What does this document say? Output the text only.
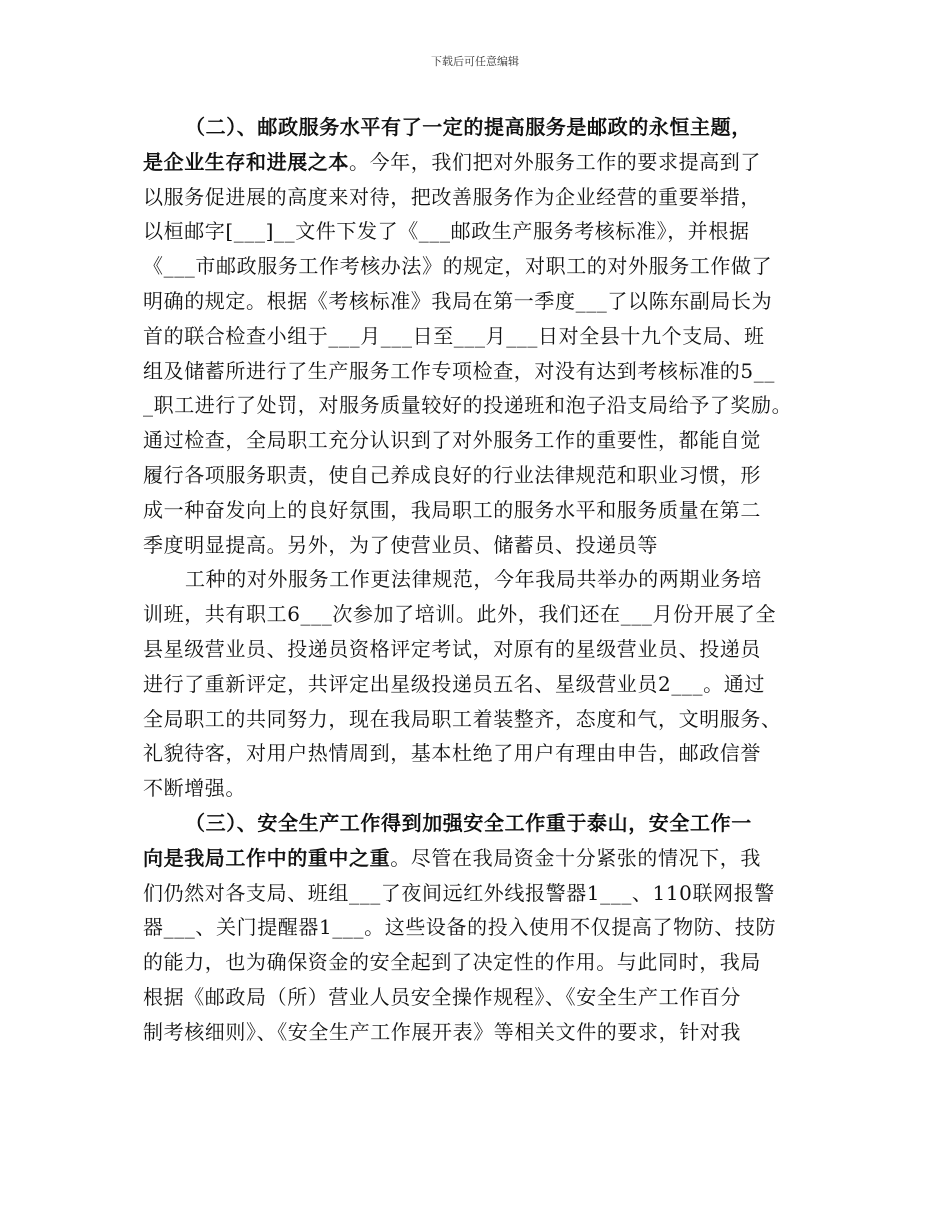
下载后可任意编辑
（二）、邮政服务水平有了一定的提高服务是邮政的永恒主题，
是企业生存和进展之本。今年，我们把对外服务工作的要求提高到了
以服务促进展的高度来对待，把改善服务作为企业经营的重要举措，
以桓邮字[___]__文件下发了《___邮政生产服务考核标准》，并根据
《___市邮政服务工作考核办法》的规定，对职工的对外服务工作做了
明确的规定。根据《考核标准》我局在第一季度___了以陈东副局长为
首的联合检查小组于___月___日至___月___日对全县十九个支局、班
组及储蓄所进行了生产服务工作专项检查，对没有达到考核标准的5__
_职工进行了处罚，对服务质量较好的投递班和泡子沿支局给予了奖励。
通过检查，全局职工充分认识到了对外服务工作的重要性，都能自觉
履行各项服务职责，使自己养成良好的行业法律规范和职业习惯，形
成一种奋发向上的良好氛围，我局职工的服务水平和服务质量在第二
季度明显提高。另外，为了使营业员、储蓄员、投递员等
工种的对外服务工作更法律规范，今年我局共举办的两期业务培
训班，共有职工6___次参加了培训。此外，我们还在___月份开展了全
县星级营业员、投递员资格评定考试，对原有的星级营业员、投递员
进行了重新评定，共评定出星级投递员五名、星级营业员2___。通过
全局职工的共同努力，现在我局职工着装整齐，态度和气，文明服务、
礼貌待客，对用户热情周到，基本杜绝了用户有理由申告，邮政信誉
不断增强。
（三）、安全生产工作得到加强安全工作重于泰山，安全工作一
向是我局工作中的重中之重。尽管在我局资金十分紧张的情况下，我
们仍然对各支局、班组___了夜间远红外线报警器1___、110联网报警
器___、关门提醒器1___。这些设备的投入使用不仅提高了物防、技防
的能力，也为确保资金的安全起到了决定性的作用。与此同时，我局
根据《邮政局（所）营业人员安全操作规程》、《安全生产工作百分
制考核细则》、《安全生产工作展开表》等相关文件的要求，针对我
